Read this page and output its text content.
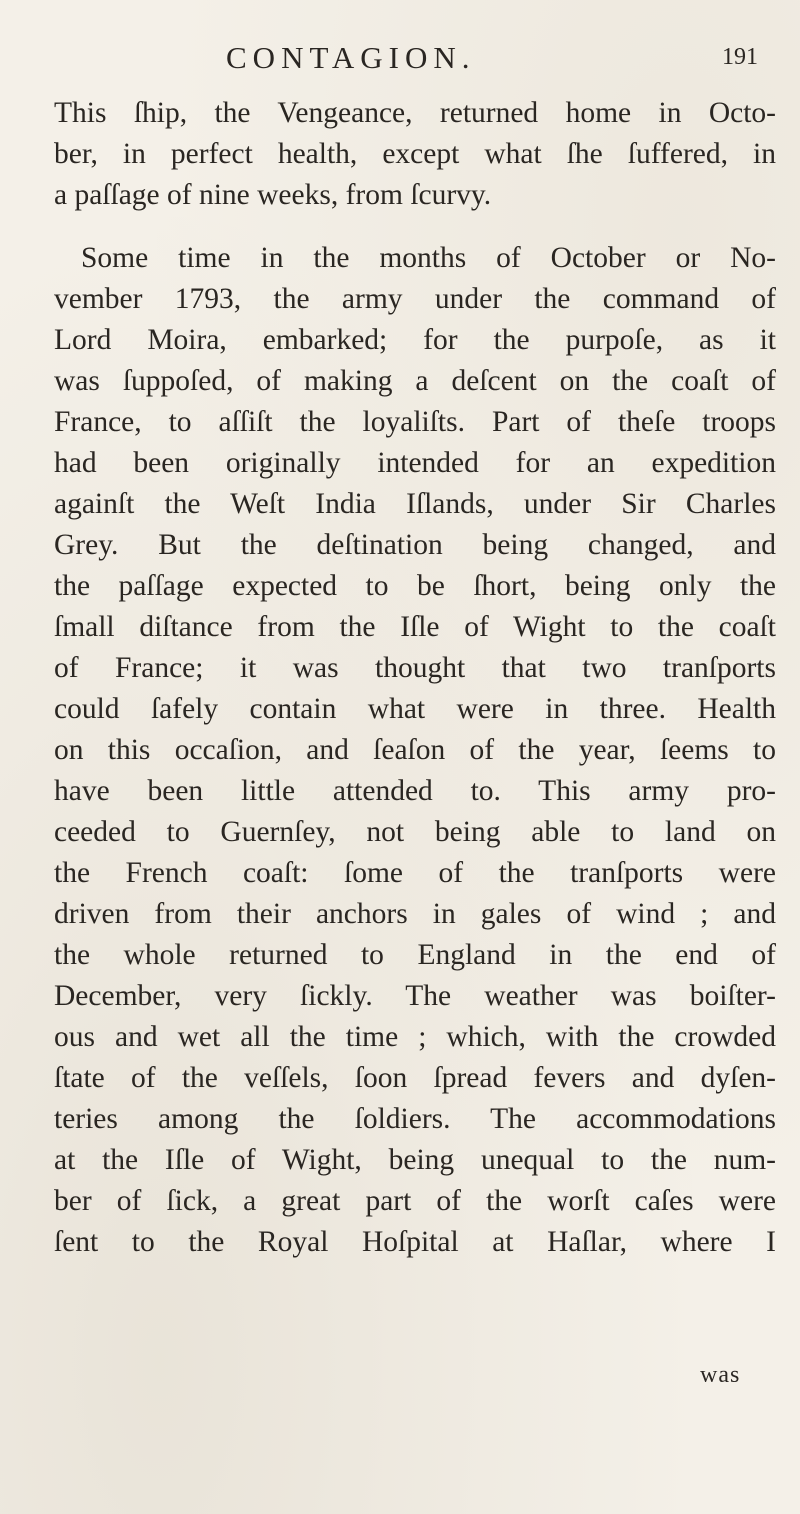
CONTAGION.	191
This ſhip, the Vengeance, returned home in Octo-
ber, in perfect health, except what ſhe ſuffered, in
a paſſage of nine weeks, from ſcurvy.
Some time in the months of October or No-
vember 1793, the army under the command of
Lord Moira, embarked; for the purpoſe, as it
was ſuppoſed, of making a deſcent on the coaſt of
France, to aſſiſt the loyaliſts. Part of theſe troops
had been originally intended for an expedition
againſt the Weſt India Iſlands, under Sir Charles
Grey. But the deſtination being changed, and
the paſſage expected to be ſhort, being only the
ſmall diſtance from the Iſle of Wight to the coaſt
of France; it was thought that two tranſports
could ſafely contain what were in three. Health
on this occaſion, and ſeaſon of the year, ſeems to
have been little attended to. This army pro-
ceeded to Guernſey, not being able to land on
the French coaſt: ſome of the tranſports were
driven from their anchors in gales of wind ; and
the whole returned to England in the end of
December, very ſickly. The weather was boiſter-
ous and wet all the time ; which, with the crowded
ſtate of the veſſels, ſoon ſpread fevers and dyſen-
teries among the ſoldiers. The accommodations
at the Iſle of Wight, being unequal to the num-
ber of ſick, a great part of the worſt caſes were
ſent to the Royal Hoſpital at Haſlar, where I
was
